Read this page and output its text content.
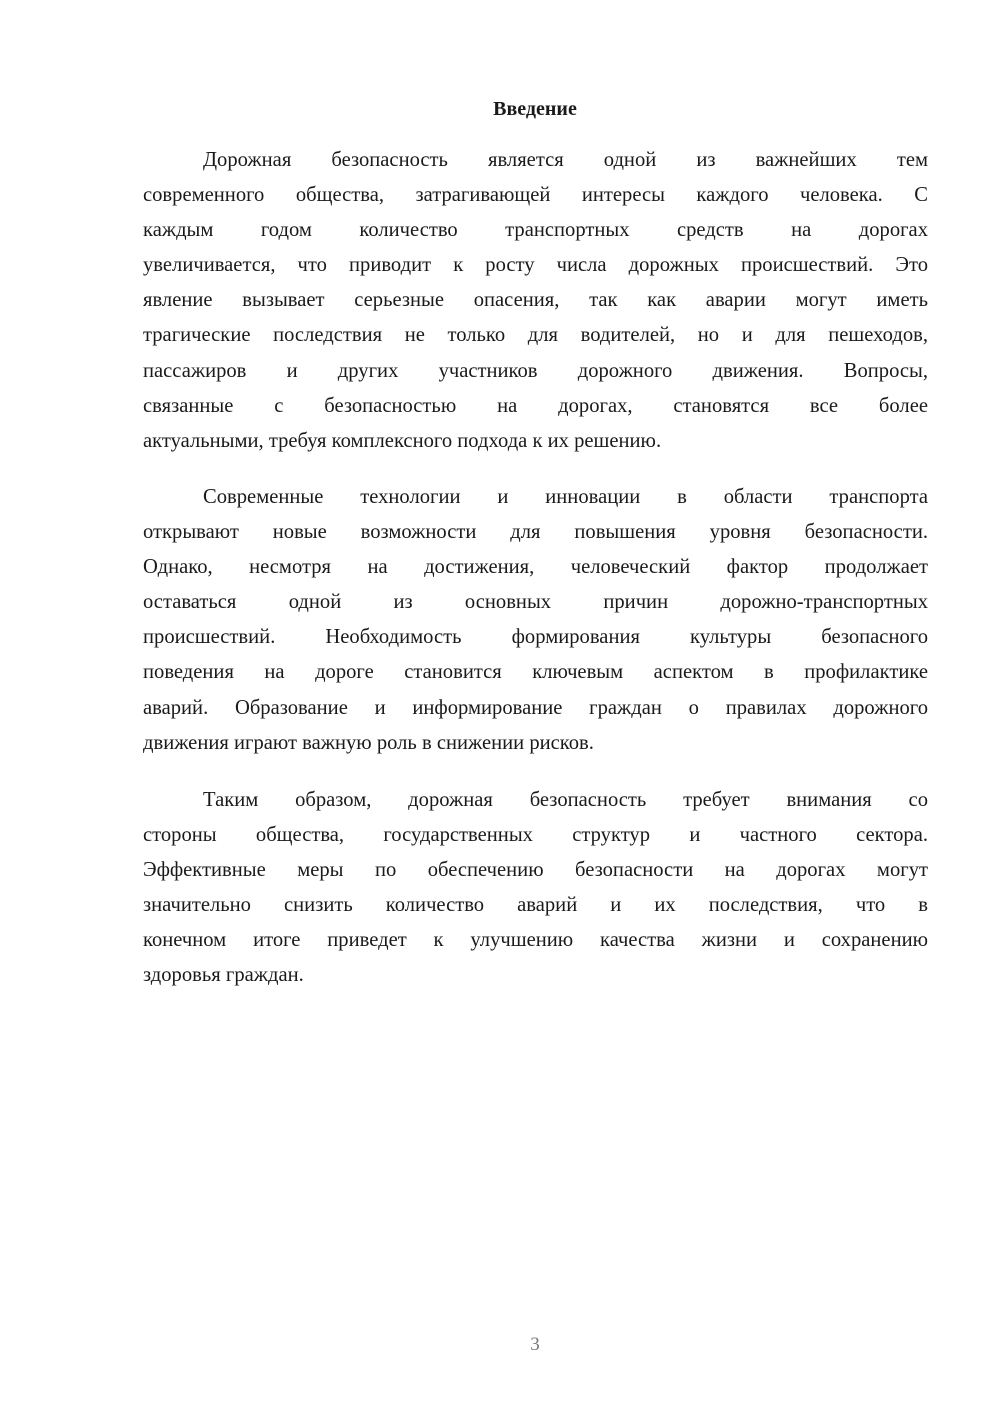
Введение
Дорожная безопасность является одной из важнейших тем
современного общества, затрагивающей интересы каждого человека. С
каждым годом количество транспортных средств на дорогах
увеличивается, что приводит к росту числа дорожных происшествий. Это
явление вызывает серьезные опасения, так как аварии могут иметь
трагические последствия не только для водителей, но и для пешеходов,
пассажиров и других участников дорожного движения. Вопросы,
связанные с безопасностью на дорогах, становятся все более
актуальными, требуя комплексного подхода к их решению.
Современные технологии и инновации в области транспорта
открывают новые возможности для повышения уровня безопасности.
Однако, несмотря на достижения, человеческий фактор продолжает
оставаться одной из основных причин дорожно-транспортных
происшествий. Необходимость формирования культуры безопасного
поведения на дороге становится ключевым аспектом в профилактике
аварий. Образование и информирование граждан о правилах дорожного
движения играют важную роль в снижении рисков.
Таким образом, дорожная безопасность требует внимания со
стороны общества, государственных структур и частного сектора.
Эффективные меры по обеспечению безопасности на дорогах могут
значительно снизить количество аварий и их последствия, что в
конечном итоге приведет к улучшению качества жизни и сохранению
здоровья граждан.
3
